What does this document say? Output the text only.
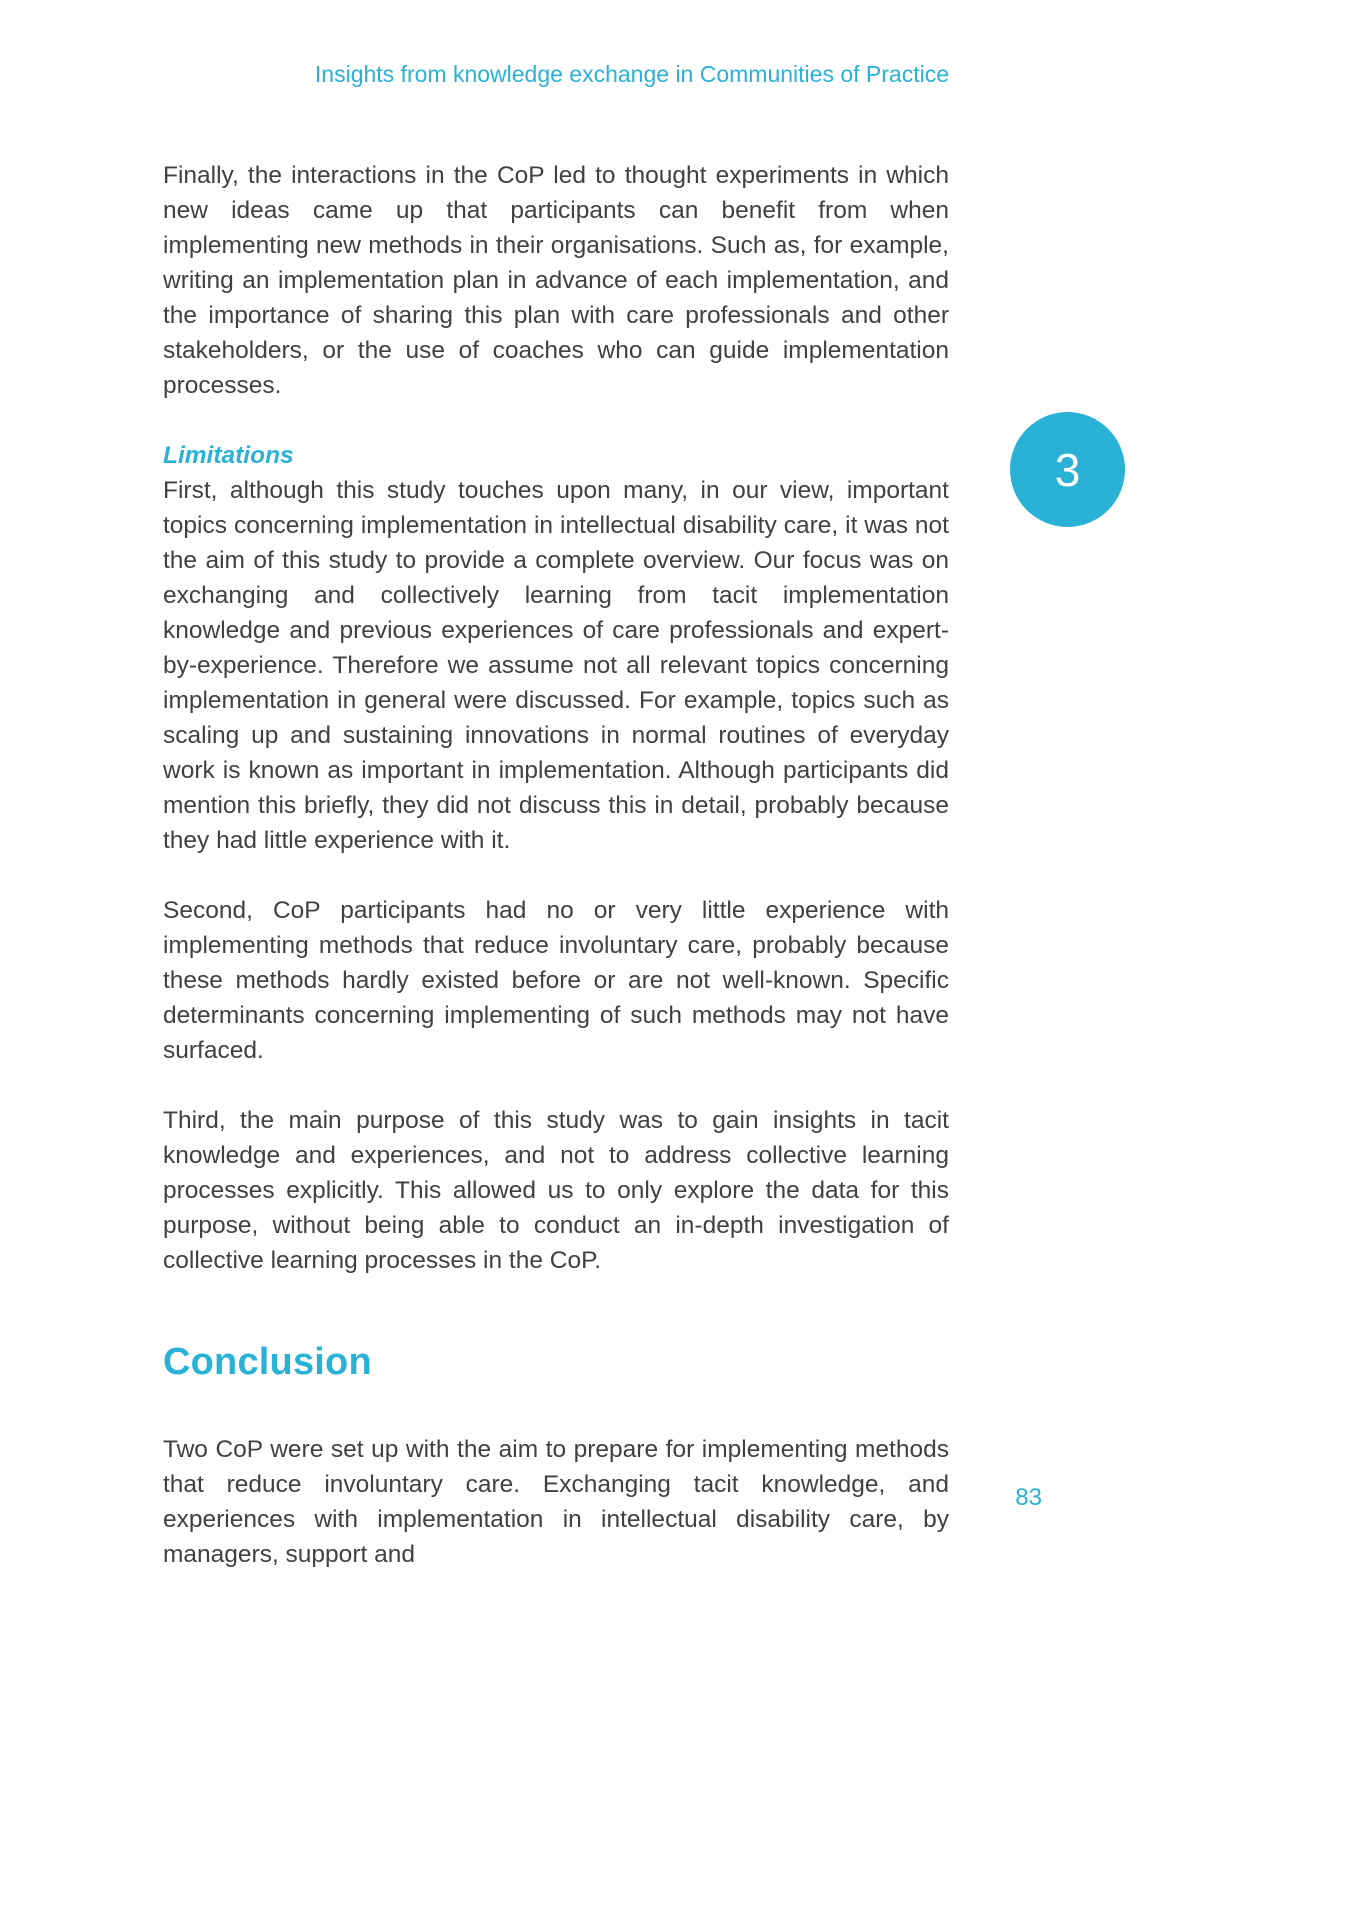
Insights from knowledge exchange in Communities of Practice
3

Finally, the interactions in the CoP led to thought experiments in which new ideas came up that participants can benefit from when implementing new methods in their organisations. Such as, for example, writing an implementation plan in advance of each implementation, and the importance of sharing this plan with care professionals and other stakeholders, or the use of coaches who can guide implementation processes.

Limitations

First, although this study touches upon many, in our view, important topics concerning implementation in intellectual disability care, it was not the aim of this study to provide a complete overview. Our focus was on exchanging and collectively learning from tacit implementation knowledge and previous experiences of care professionals and expert-by-experience. Therefore we assume not all relevant topics concerning implementation in general were discussed. For example, topics such as scaling up and sustaining innovations in normal routines of everyday work is known as important in implementation. Although participants did mention this briefly, they did not discuss this in detail, probably because they had little experience with it.

Second, CoP participants had no or very little experience with implementing methods that reduce involuntary care, probably because these methods hardly existed before or are not well-known. Specific determinants concerning implementing of such methods may not have surfaced.

Third, the main purpose of this study was to gain insights in tacit knowledge and experiences, and not to address collective learning processes explicitly. This allowed us to only explore the data for this purpose, without being able to conduct an in-depth investigation of collective learning processes in the CoP.

Conclusion

Two CoP were set up with the aim to prepare for implementing methods that reduce involuntary care. Exchanging tacit knowledge, and experiences with implementation in intellectual disability care, by managers, support and

83
